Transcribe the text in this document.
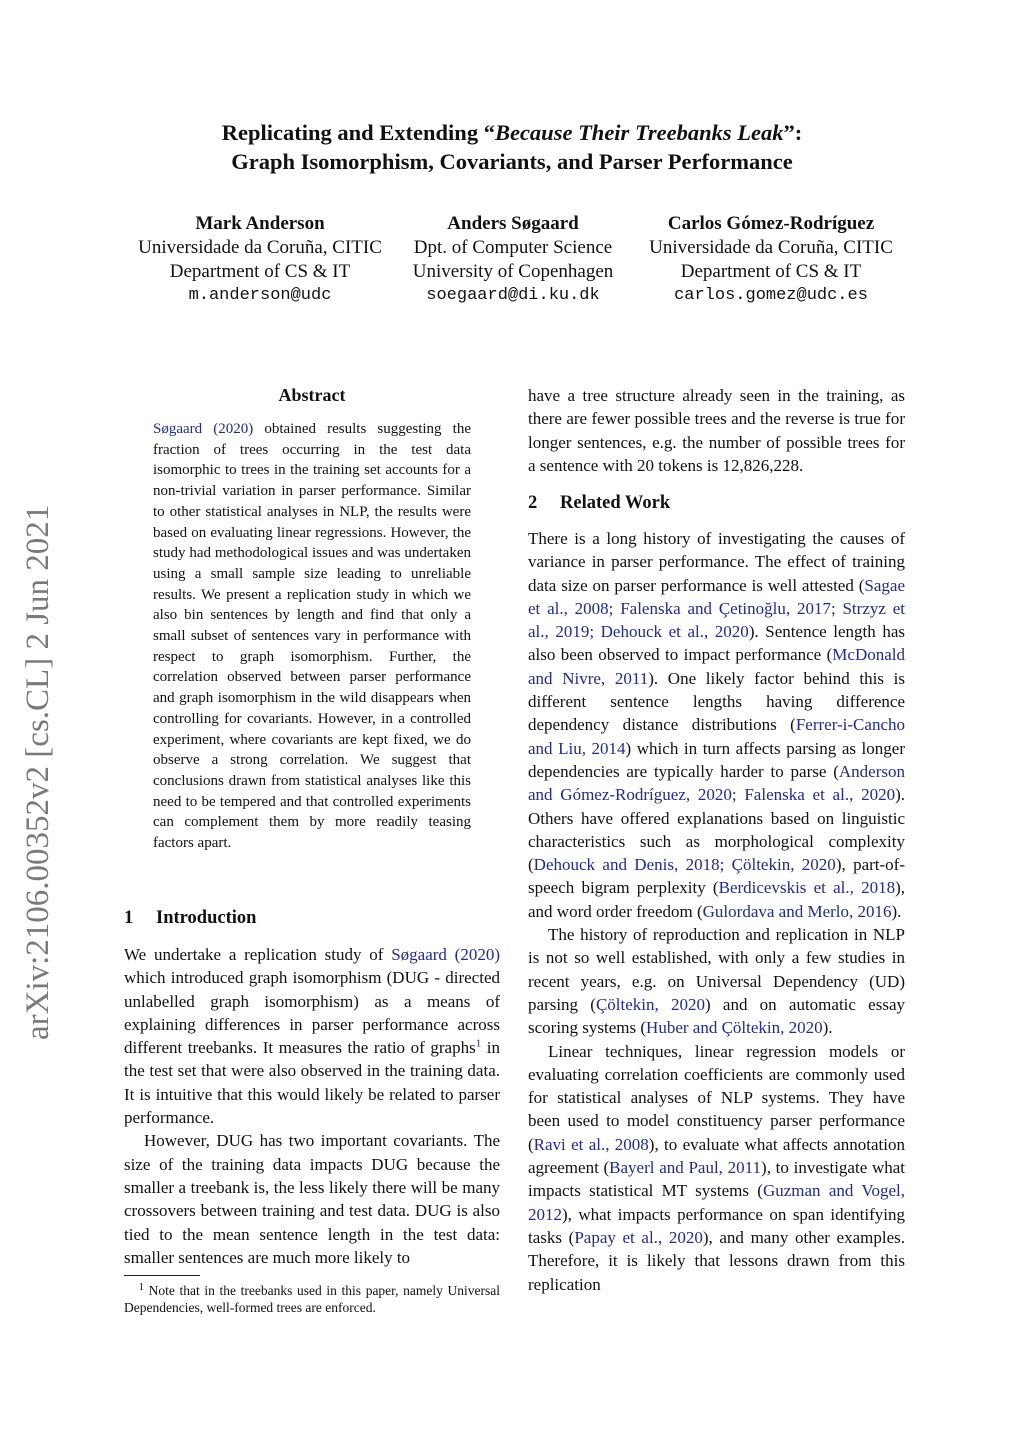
Replicating and Extending “Because Their Treebanks Leak”:
Graph Isomorphism, Covariants, and Parser Performance
Mark Anderson
Universidade da Coruña, CITIC
Department of CS & IT
m.anderson@udc
Anders Søgaard
Dpt. of Computer Science
University of Copenhagen
soegaard@di.ku.dk
Carlos Gómez-Rodríguez
Universidade da Coruña, CITIC
Department of CS & IT
carlos.gomez@udc.es
arXiv:2106.00352v2 [cs.CL] 2 Jun 2021
Abstract
Søgaard (2020) obtained results suggesting the fraction of trees occurring in the test data isomorphic to trees in the training set accounts for a non-trivial variation in parser performance. Similar to other statistical analyses in NLP, the results were based on evaluating linear regressions. However, the study had methodological issues and was undertaken using a small sample size leading to unreliable results. We present a replication study in which we also bin sentences by length and find that only a small subset of sentences vary in performance with respect to graph isomorphism. Further, the correlation observed between parser performance and graph isomorphism in the wild disappears when controlling for covariants. However, in a controlled experiment, where covariants are kept fixed, we do observe a strong correlation. We suggest that conclusions drawn from statistical analyses like this need to be tempered and that controlled experiments can complement them by more readily teasing factors apart.
1 Introduction

We undertake a replication study of Søgaard (2020) which introduced graph isomorphism (DUG - directed unlabelled graph isomorphism) as a means of explaining differences in parser performance across different treebanks. It measures the ratio of graphs$^1$ in the test set that were also observed in the training data. It is intuitive that this would likely be related to parser performance.

However, DUG has two important covariants. The size of the training data impacts DUG because the smaller a treebank is, the less likely there will be many crossovers between training and test data. DUG is also tied to the mean sentence length in the test data: smaller sentences are much more likely to

$^1$ Note that in the treebanks used in this paper, namely Universal Dependencies, well-formed trees are enforced.

have a tree structure already seen in the training, as there are fewer possible trees and the reverse is true for longer sentences, e.g. the number of possible trees for a sentence with 20 tokens is 12,826,228.

2 Related Work

There is a long history of investigating the causes of variance in parser performance. The effect of training data size on parser performance is well attested (Sagae et al., 2008; Falenska and Çetinoğlu, 2017; Strzyz et al., 2019; Dehouck et al., 2020). Sentence length has also been observed to impact performance (McDonald and Nivre, 2011). One likely factor behind this is different sentence lengths having difference dependency distance distributions (Ferrer-i-Cancho and Liu, 2014) which in turn affects parsing as longer dependencies are typically harder to parse (Anderson and Gómez-Rodríguez, 2020; Falenska et al., 2020). Others have offered explanations based on linguistic characteristics such as morphological complexity (Dehouck and Denis, 2018; Çöltekin, 2020), part-of-speech bigram perplexity (Berdicevskis et al., 2018), and word order freedom (Gulordava and Merlo, 2016).

The history of reproduction and replication in NLP is not so well established, with only a few studies in recent years, e.g. on Universal Dependency (UD) parsing (Çöltekin, 2020) and on automatic essay scoring systems (Huber and Çöltekin, 2020).

Linear techniques, linear regression models or evaluating correlation coefficients are commonly used for statistical analyses of NLP systems. They have been used to model constituency parser performance (Ravi et al., 2008), to evaluate what affects annotation agreement (Bayerl and Paul, 2011), to investigate what impacts statistical MT systems (Guzman and Vogel, 2012), what impacts performance on span identifying tasks (Papay et al., 2020), and many other examples. Therefore, it is likely that lessons drawn from this replication
